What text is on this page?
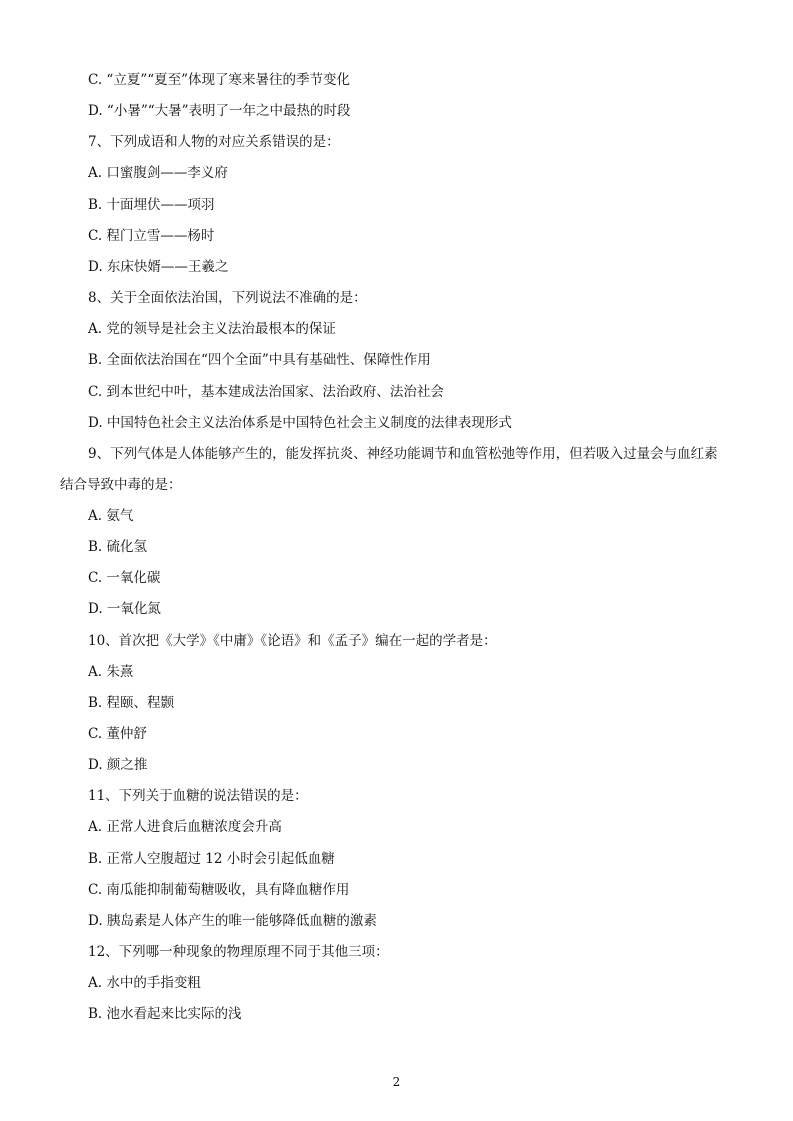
C. “立夏”“夏至”体现了寒来暑往的季节变化
D. “小暑”“大暑”表明了一年之中最热的时段
7、下列成语和人物的对应关系错误的是：
A. 口蜜腹剑——李义府
B. 十面埋伏——项羽
C. 程门立雪——杨时
D. 东床快婿——王羲之
8、关于全面依法治国，下列说法不准确的是：
A. 党的领导是社会主义法治最根本的保证
B. 全面依法治国在“四个全面”中具有基础性、保障性作用
C. 到本世纪中叶，基本建成法治国家、法治政府、法治社会
D. 中国特色社会主义法治体系是中国特色社会主义制度的法律表现形式
9、下列气体是人体能够产生的，能发挥抗炎、神经功能调节和血管松弛等作用，但若吸入过量会与血红素
结合导致中毒的是：
A. 氨气
B. 硫化氢
C. 一氧化碳
D. 一氧化氮
10、首次把《大学》《中庸》《论语》和《孟子》编在一起的学者是：
A. 朱熹
B. 程颐、程颢
C. 董仲舒
D. 颜之推
11、下列关于血糖的说法错误的是：
A. 正常人进食后血糖浓度会升高
B. 正常人空腹超过 12 小时会引起低血糖
C. 南瓜能抑制葡萄糖吸收，具有降血糖作用
D. 胰岛素是人体产生的唯一能够降低血糖的激素
12、下列哪一种现象的物理原理不同于其他三项：
A. 水中的手指变粗
B. 池水看起来比实际的浅
2
